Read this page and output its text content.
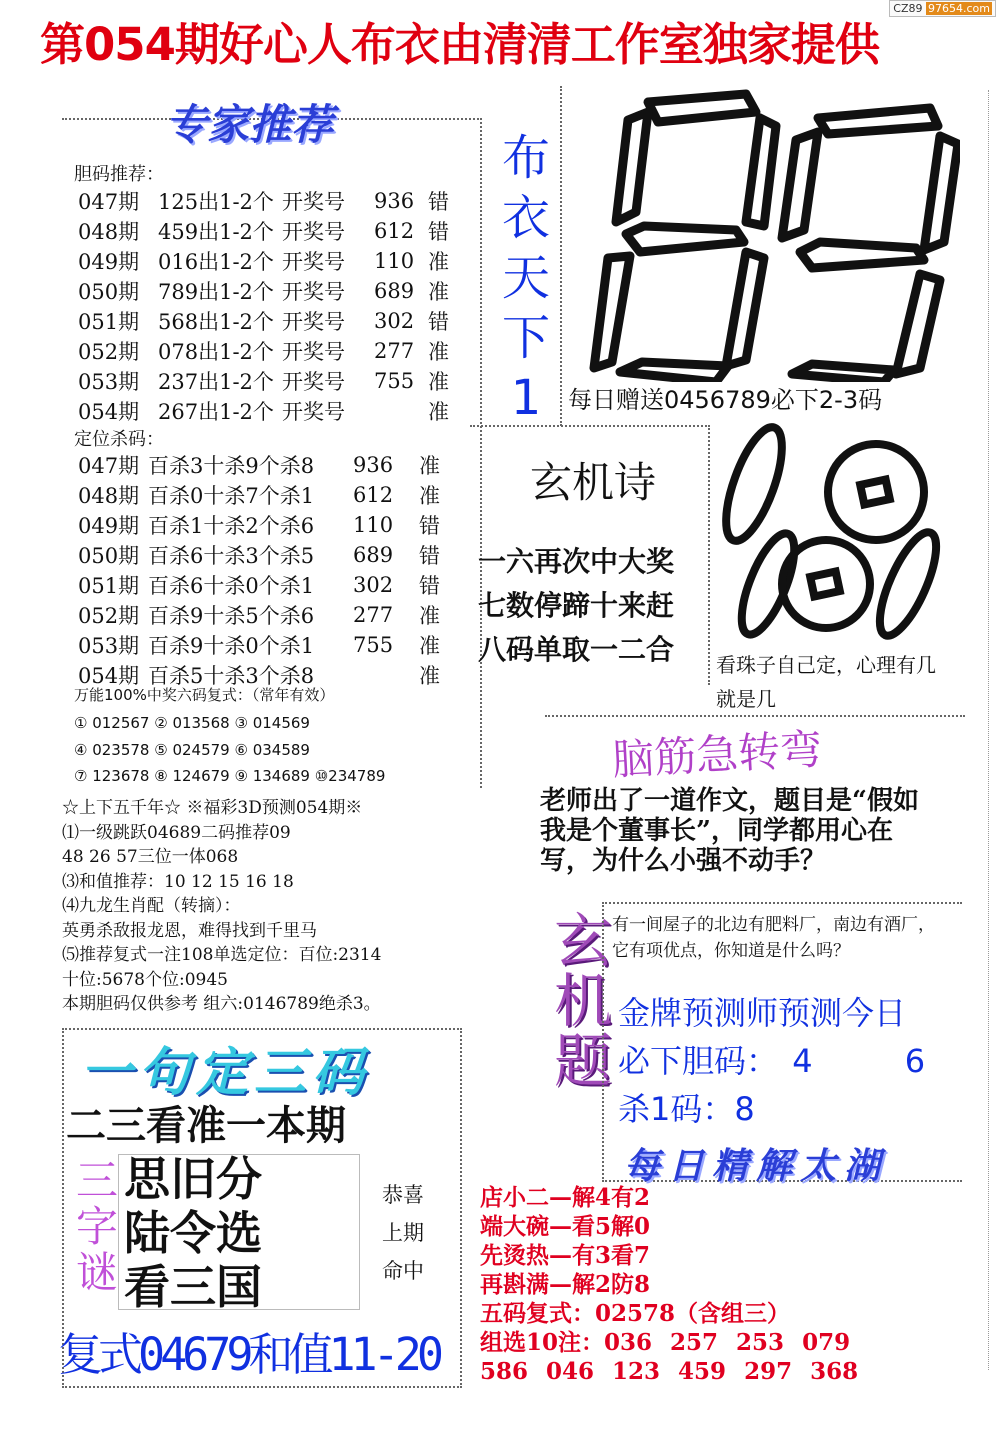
第054期好心人布衣由清清工作室独家提供
CZ89 97654.com
专家推荐
胆码推荐：
047期	125出1-2个	开奖号	936	错
048期	459出1-2个	开奖号	612	错
049期	016出1-2个	开奖号	110	准
050期	789出1-2个	开奖号	689	准
051期	568出1-2个	开奖号	302	错
052期	078出1-2个	开奖号	277	准
053期	237出1-2个	开奖号	755	准
054期	267出1-2个	开奖号		准
定位杀码：
047期	百杀3十杀9个杀8	936	准
048期	百杀0十杀7个杀1	612	准
049期	百杀1十杀2个杀6	110	错
050期	百杀6十杀3个杀5	689	错
051期	百杀6十杀0个杀1	302	错
052期	百杀9十杀5个杀6	277	准
053期	百杀9十杀0个杀1	755	准
054期	百杀5十杀3个杀8		准
万能100%中奖六码复式：（常年有效）
① 012567 ② 013568 ③ 014569
④ 023578 ⑤ 024579 ⑥ 034589
⑦ 123678 ⑧ 124679 ⑨ 134689 ⑩234789
☆上下五千年☆ ※福彩3D预测054期※
⑴一级跳跃04689二码推荐09
48 26 57三位一体068
⑶和值推荐：10 12 15 16 18
⑷九龙生肖配（转摘）：
英勇杀敌报龙恩，难得找到千里马
⑸推荐复式一注108单选定位：百位:2314
十位:5678个位:0945
本期胆码仅供参考 组六:0146789绝杀3。
一句定三码
二三看准一本期
三字谜 思旧分
陆令选
看三国
恭喜
上期
命中
复式04679和值11-20
布衣天下1	每日赠送0456789必下2-3码
玄机诗
一六再次中大奖
七数停蹄十来赶
八码单取一二合 看珠子自己定，心理有几就是几
脑筋急转弯
老师出了一道作文，题目是“假如我是个董事长”，同学都用心在写，为什么小强不动手？
玄机题 有一间屋子的北边有肥料厂，南边有酒厂，它有项优点，你知道是什么吗？
金牌预测师预测今日
必下胆码： 4	6
杀1码：8
每日精解太湖
店小二—解4有2
端大碗—看5解0
先烫热—有3看7
再斟满—解2防8
五码复式：02578（含组三）
组选10注：036 257 253 079
586 046 123 459 297 368
